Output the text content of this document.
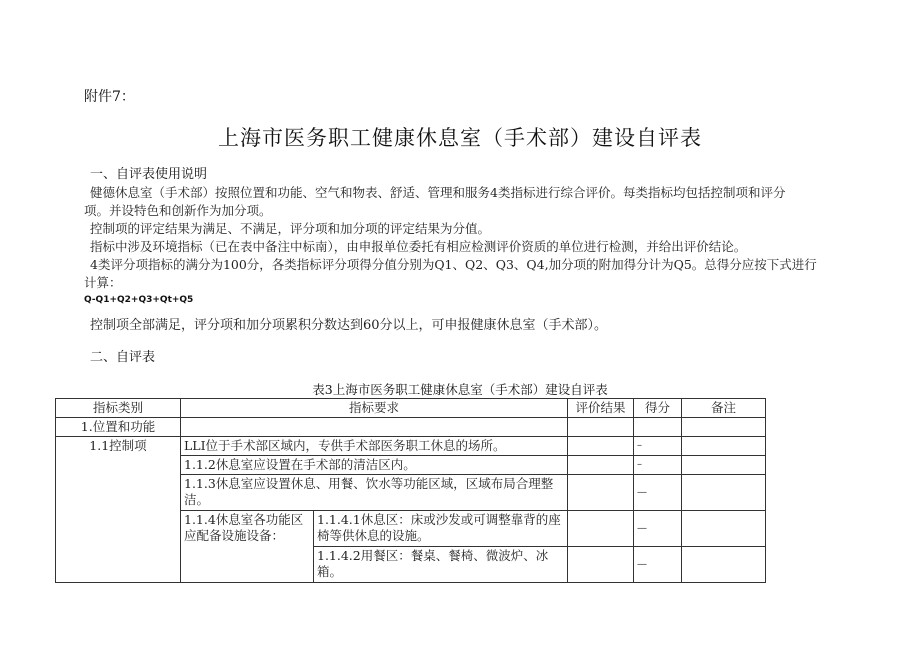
附件7：
上海市医务职工健康休息室（手术部）建设自评表
一、自评表使用说明
健德休息室（手术部）按照位置和功能、空气和物表、舒适、管理和服务4类指标进行综合评价。每类指标均包括控制项和评分
项。并设特色和创新作为加分项。
控制项的评定结果为满足、不满足，评分项和加分项的评定结果为分值。
指标中涉及环境指标（已在表中备注中标南），由申报单位委托有相应检测评价资质的单位进行检测，并给出评价结论。
4类评分项指标的满分为100分，各类指标评分项得分值分别为Q1、Q2、Q3、Q4,加分项的附加得分计为Q5。总得分应按下式进行
计算：
Q-Q1+Q2+Q3+Qt+Q5
控制项全部满足，评分项和加分项累积分数达到60分以上，可申报健康休息室（手术部）。
二、自评表
表3上海市医务职工健康休息室（手术部）建设自评表
指标类别	指标要求		评价结果	得分	备注
1.位置和功能					
1.1控制项	LLI位于手术部区域内，专供手术部医务职工休息的场所。			–	
	1.1.2休息室应设置在手术部的清洁区内。			–	
	1.1.3休息室应设置休息、用餐、饮水等功能区域，区域布局合理整洁。			—	
	1.1.4休息室各功能区应配备设施设备：	1.1.4.1休息区：床或沙发或可调整靠背的座椅等供休息的设施。		—	
		1.1.4.2用餐区：餐桌、餐椅、微波炉、冰箱。		—	
